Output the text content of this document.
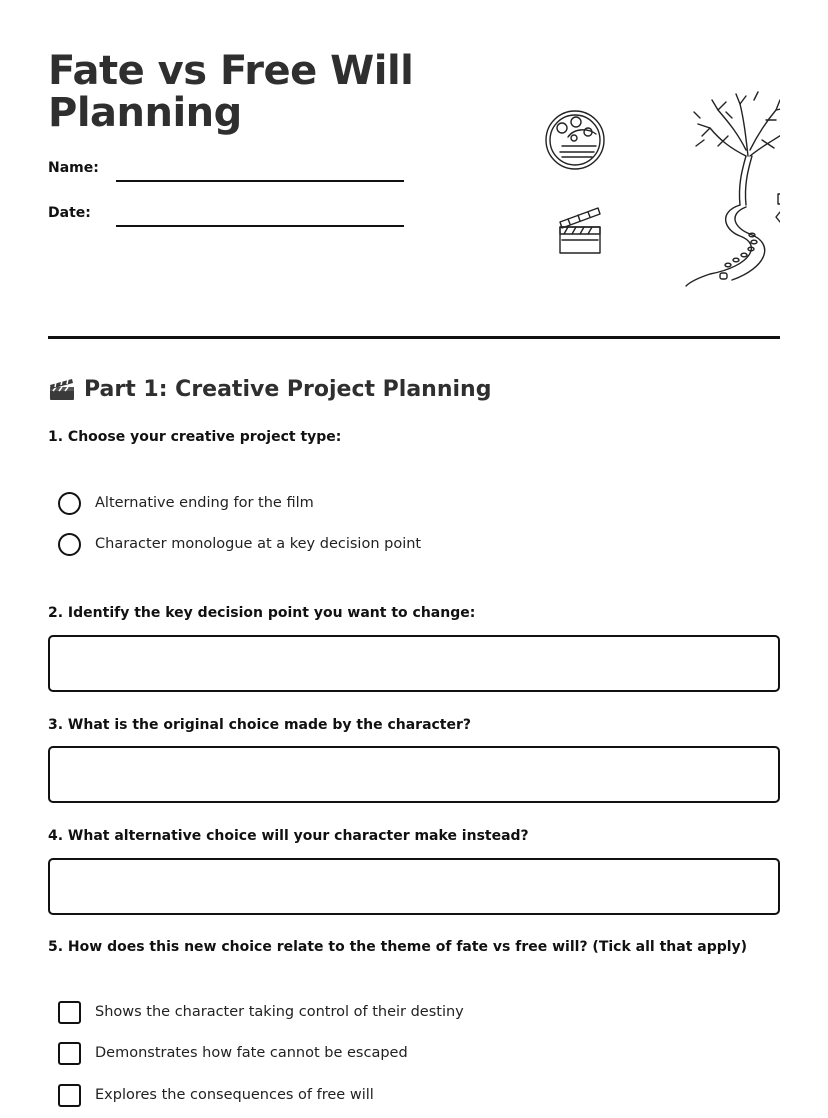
Fate vs Free Will
Planning
Name:
Date:
Part 1: Creative Project Planning
1. Choose your creative project type:
Alternative ending for the film
Character monologue at a key decision point
2. Identify the key decision point you want to change:
3. What is the original choice made by the character?
4. What alternative choice will your character make instead?
5. How does this new choice relate to the theme of fate vs free will? (Tick all that apply)
Shows the character taking control of their destiny
Demonstrates how fate cannot be escaped
Explores the consequences of free will
